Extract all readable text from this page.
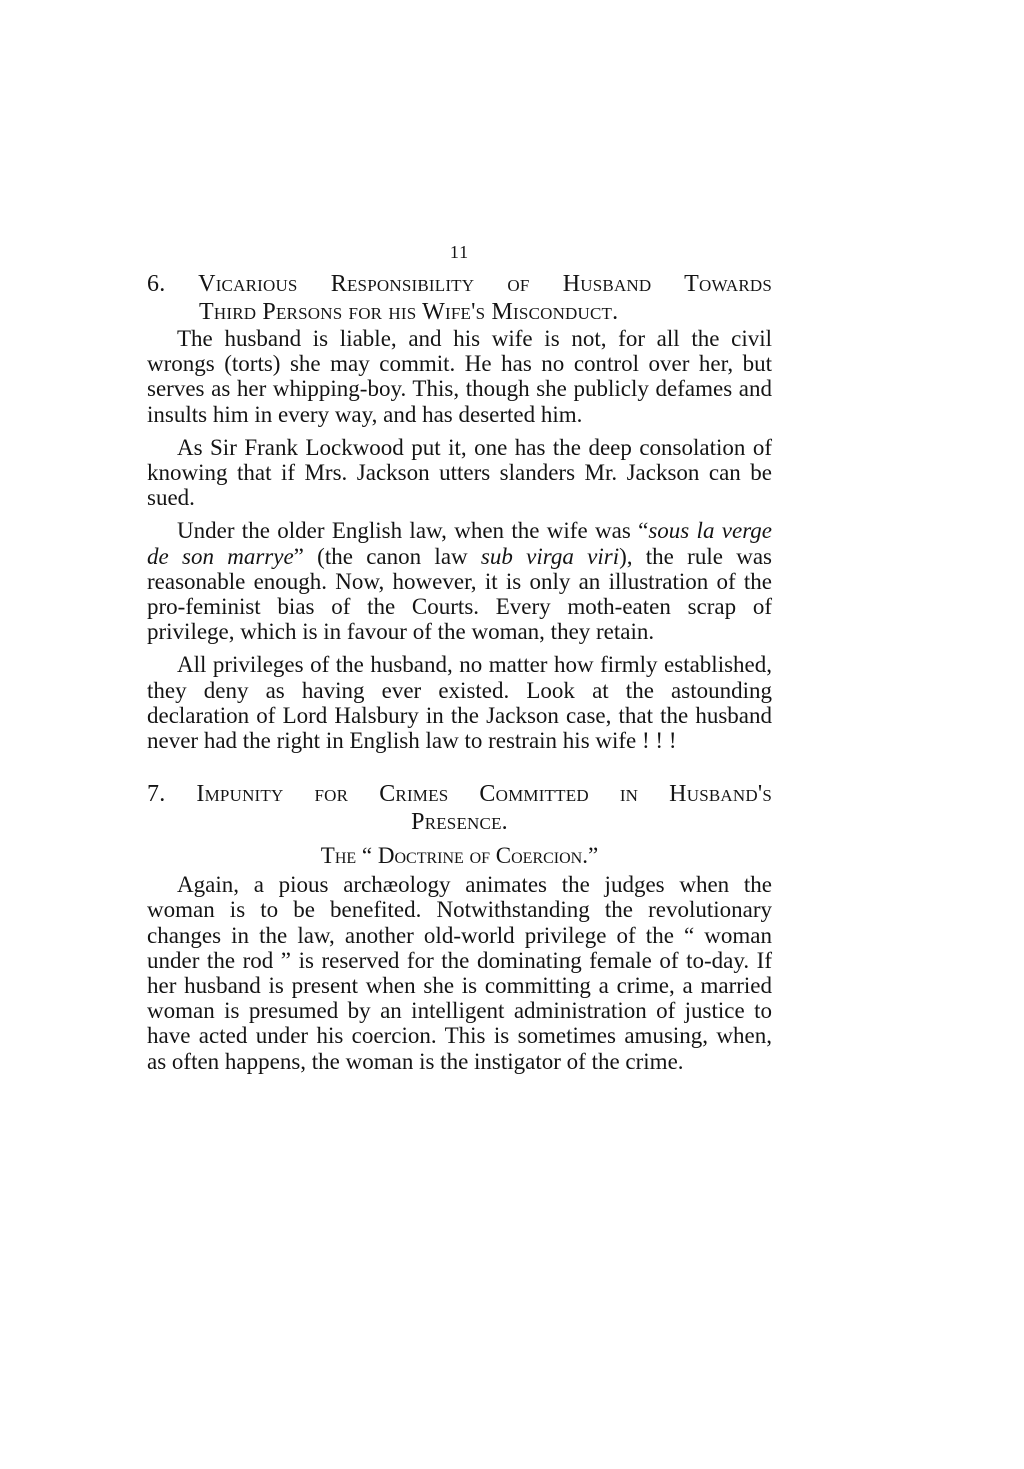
11
6. Vicarious Responsibility of Husband Towards
Third Persons for his Wife's Misconduct.

The husband is liable, and his wife is not, for all the civil wrongs (torts) she may commit. He has no control over her, but serves as her whipping-boy. This, though she publicly defames and insults him in every way, and has deserted him.

As Sir Frank Lockwood put it, one has the deep consolation of knowing that if Mrs. Jackson utters slanders Mr. Jackson can be sued.

Under the older English law, when the wife was “sous la verge de son marrye” (the canon law sub virga viri), the rule was reasonable enough. Now, however, it is only an illustration of the pro-feminist bias of the Courts. Every moth-eaten scrap of privilege, which is in favour of the woman, they retain.

All privileges of the husband, no matter how firmly established, they deny as having ever existed. Look at the astounding declaration of Lord Halsbury in the Jackson case, that the husband never had the right in English law to restrain his wife ! ! !

7. Impunity for Crimes Committed in Husband's
Presence.
The “ Doctrine of Coercion.”

Again, a pious archæology animates the judges when the woman is to be benefited. Notwithstanding the revolutionary changes in the law, another old-world privilege of the “ woman under the rod ” is reserved for the dominating female of to-day. If her husband is present when she is committing a crime, a married woman is presumed by an intelligent administration of justice to have acted under his coercion. This is sometimes amusing, when, as often happens, the woman is the instigator of the crime.
